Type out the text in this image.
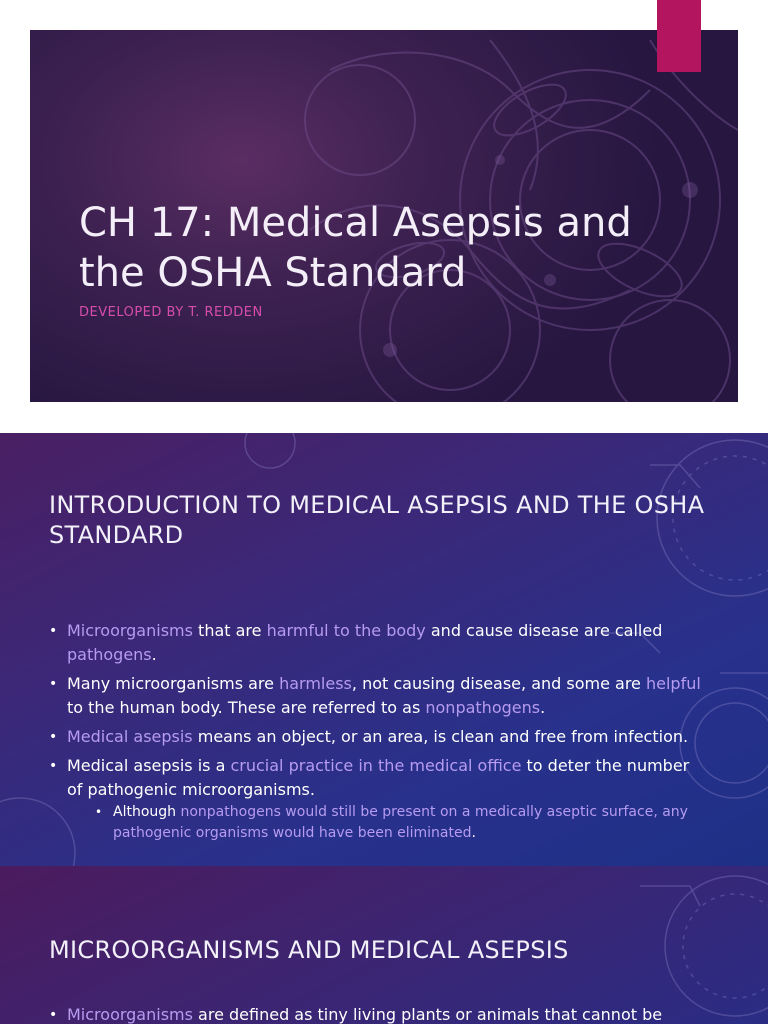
CH 17: Medical Asepsis and the OSHA Standard
DEVELOPED BY T. REDDEN
INTRODUCTION TO MEDICAL ASEPSIS AND THE OSHA STANDARD
• Microorganisms that are harmful to the body and cause disease are called pathogens.
• Many microorganisms are harmless, not causing disease, and some are helpful to the human body. These are referred to as nonpathogens.
• Medical asepsis means an object, or an area, is clean and free from infection.
• Medical asepsis is a crucial practice in the medical office to deter the number of pathogenic microorganisms.
• Although nonpathogens would still be present on a medically aseptic surface, any pathogenic organisms would have been eliminated.
MICROORGANISMS AND MEDICAL ASEPSIS
• Microorganisms are defined as tiny living plants or animals that cannot be
